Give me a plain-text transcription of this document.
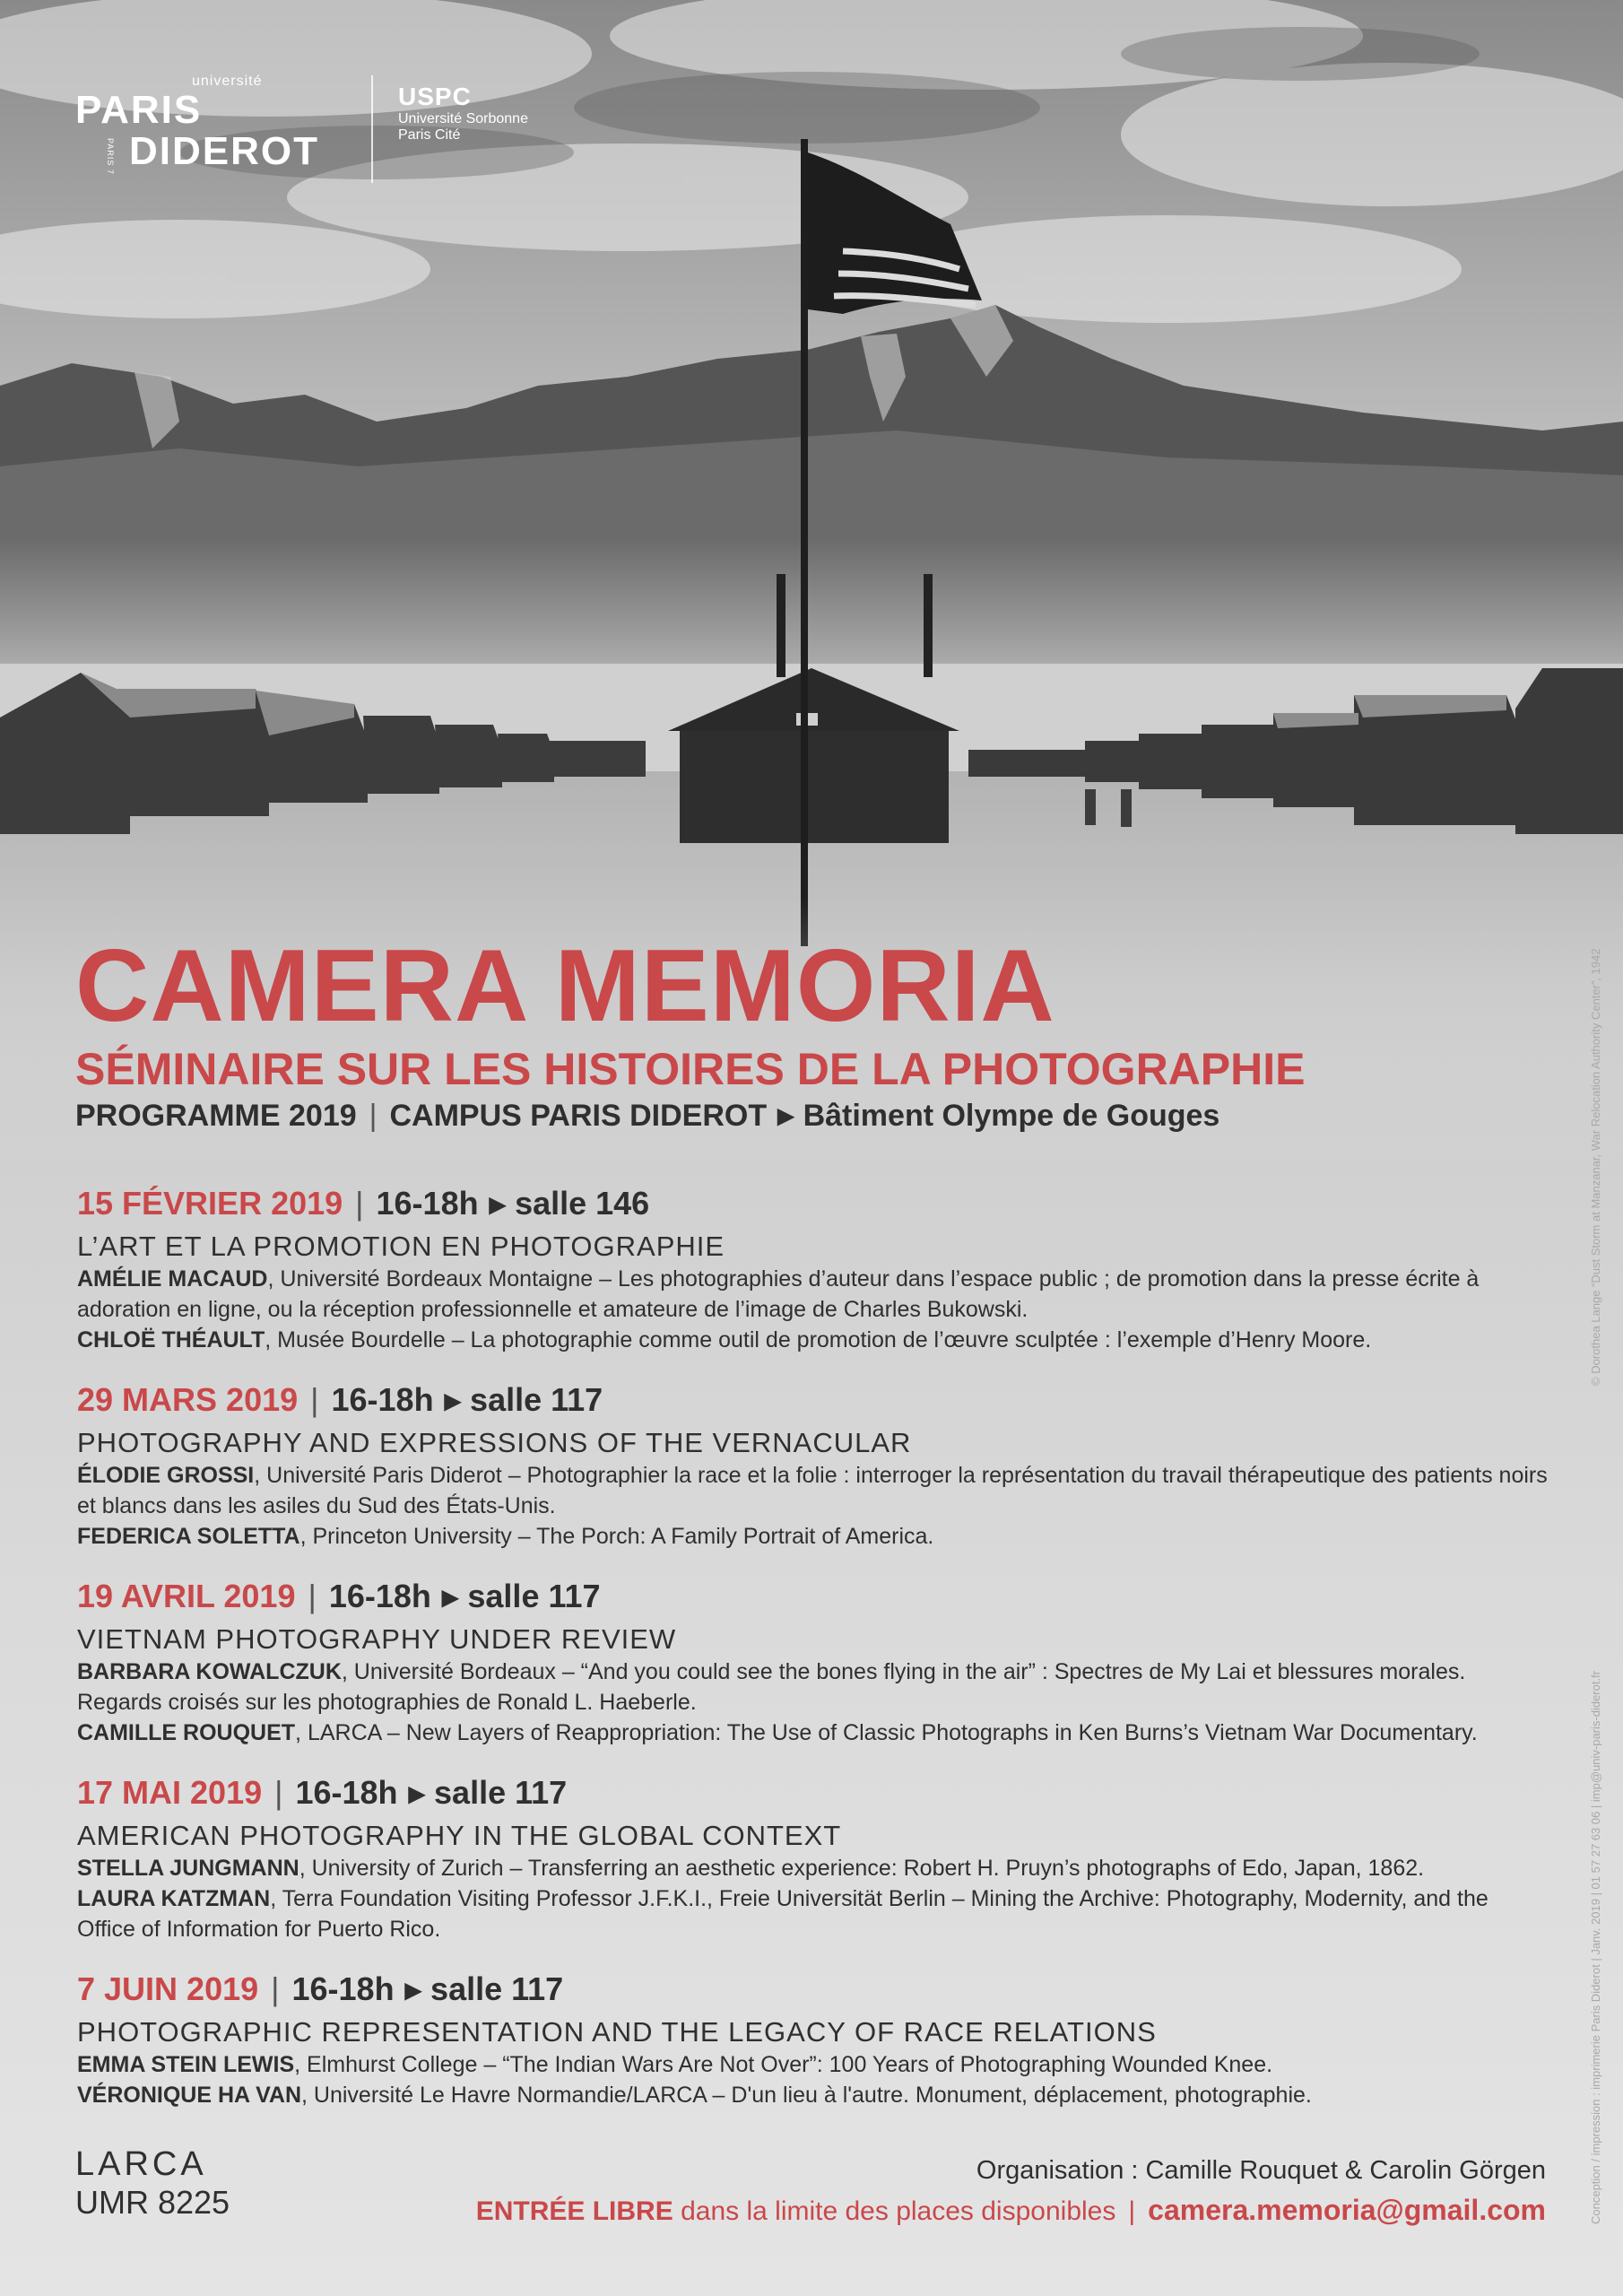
université
PARIS
PARIS 7 DIDEROT
USPC
Université Sorbonne
Paris Cité
CAMERA MEMORIA
SÉMINAIRE SUR LES HISTOIRES DE LA PHOTOGRAPHIE
PROGRAMME 2019 | CAMPUS PARIS DIDEROT ▶ Bâtiment Olympe de Gouges	© Dorothea Lange “Dust Storm at Manzanar, War Relocation Authority Center”, 1942
Conception / impression : imprimerie Paris Diderot | Janv. 2019 | 01 57 27 63 06 | imp@univ-paris-diderot.fr
15 FÉVRIER 2019 | 16-18h ▶ salle 146
L’ART ET LA PROMOTION EN PHOTOGRAPHIE
AMÉLIE MACAUD, Université Bordeaux Montaigne – Les photographies d’auteur dans l’espace public ; de promotion dans la presse écrite à adoration en ligne, ou la réception professionnelle et amateure de l’image de Charles Bukowski.
CHLOË THÉAULT, Musée Bourdelle – La photographie comme outil de promotion de l’œuvre sculptée : l’exemple d’Henry Moore.
29 MARS 2019 | 16-18h ▶ salle 117
PHOTOGRAPHY AND EXPRESSIONS OF THE VERNACULAR
ÉLODIE GROSSI, Université Paris Diderot – Photographier la race et la folie : interroger la représentation du travail thérapeutique des patients noirs et blancs dans les asiles du Sud des États-Unis.
FEDERICA SOLETTA, Princeton University – The Porch: A Family Portrait of America.
19 AVRIL 2019 | 16-18h ▶ salle 117
VIETNAM PHOTOGRAPHY UNDER REVIEW
BARBARA KOWALCZUK, Université Bordeaux – “And you could see the bones flying in the air” : Spectres de My Lai et blessures morales. Regards croisés sur les photographies de Ronald L. Haeberle.
CAMILLE ROUQUET, LARCA – New Layers of Reappropriation: The Use of Classic Photographs in Ken Burns’s Vietnam War Documentary.
17 MAI 2019 | 16-18h ▶ salle 117
AMERICAN PHOTOGRAPHY IN THE GLOBAL CONTEXT
STELLA JUNGMANN, University of Zurich – Transferring an aesthetic experience: Robert H. Pruyn’s photographs of Edo, Japan, 1862.
LAURA KATZMAN, Terra Foundation Visiting Professor J.F.K.I., Freie Universität Berlin – Mining the Archive: Photography, Modernity, and the Office of Information for Puerto Rico.
7 JUIN 2019 | 16-18h ▶ salle 117
PHOTOGRAPHIC REPRESENTATION AND THE LEGACY OF RACE RELATIONS
EMMA STEIN LEWIS, Elmhurst College – “The Indian Wars Are Not Over”: 100 Years of Photographing Wounded Knee.
VÉRONIQUE HA VAN, Université Le Havre Normandie/LARCA – D'un lieu à l'autre. Monument, déplacement, photographie.
LARCA
UMR 8225
Organisation : Camille Rouquet & Carolin Görgen
ENTRÉE LIBRE dans la limite des places disponibles | camera.memoria@gmail.com
